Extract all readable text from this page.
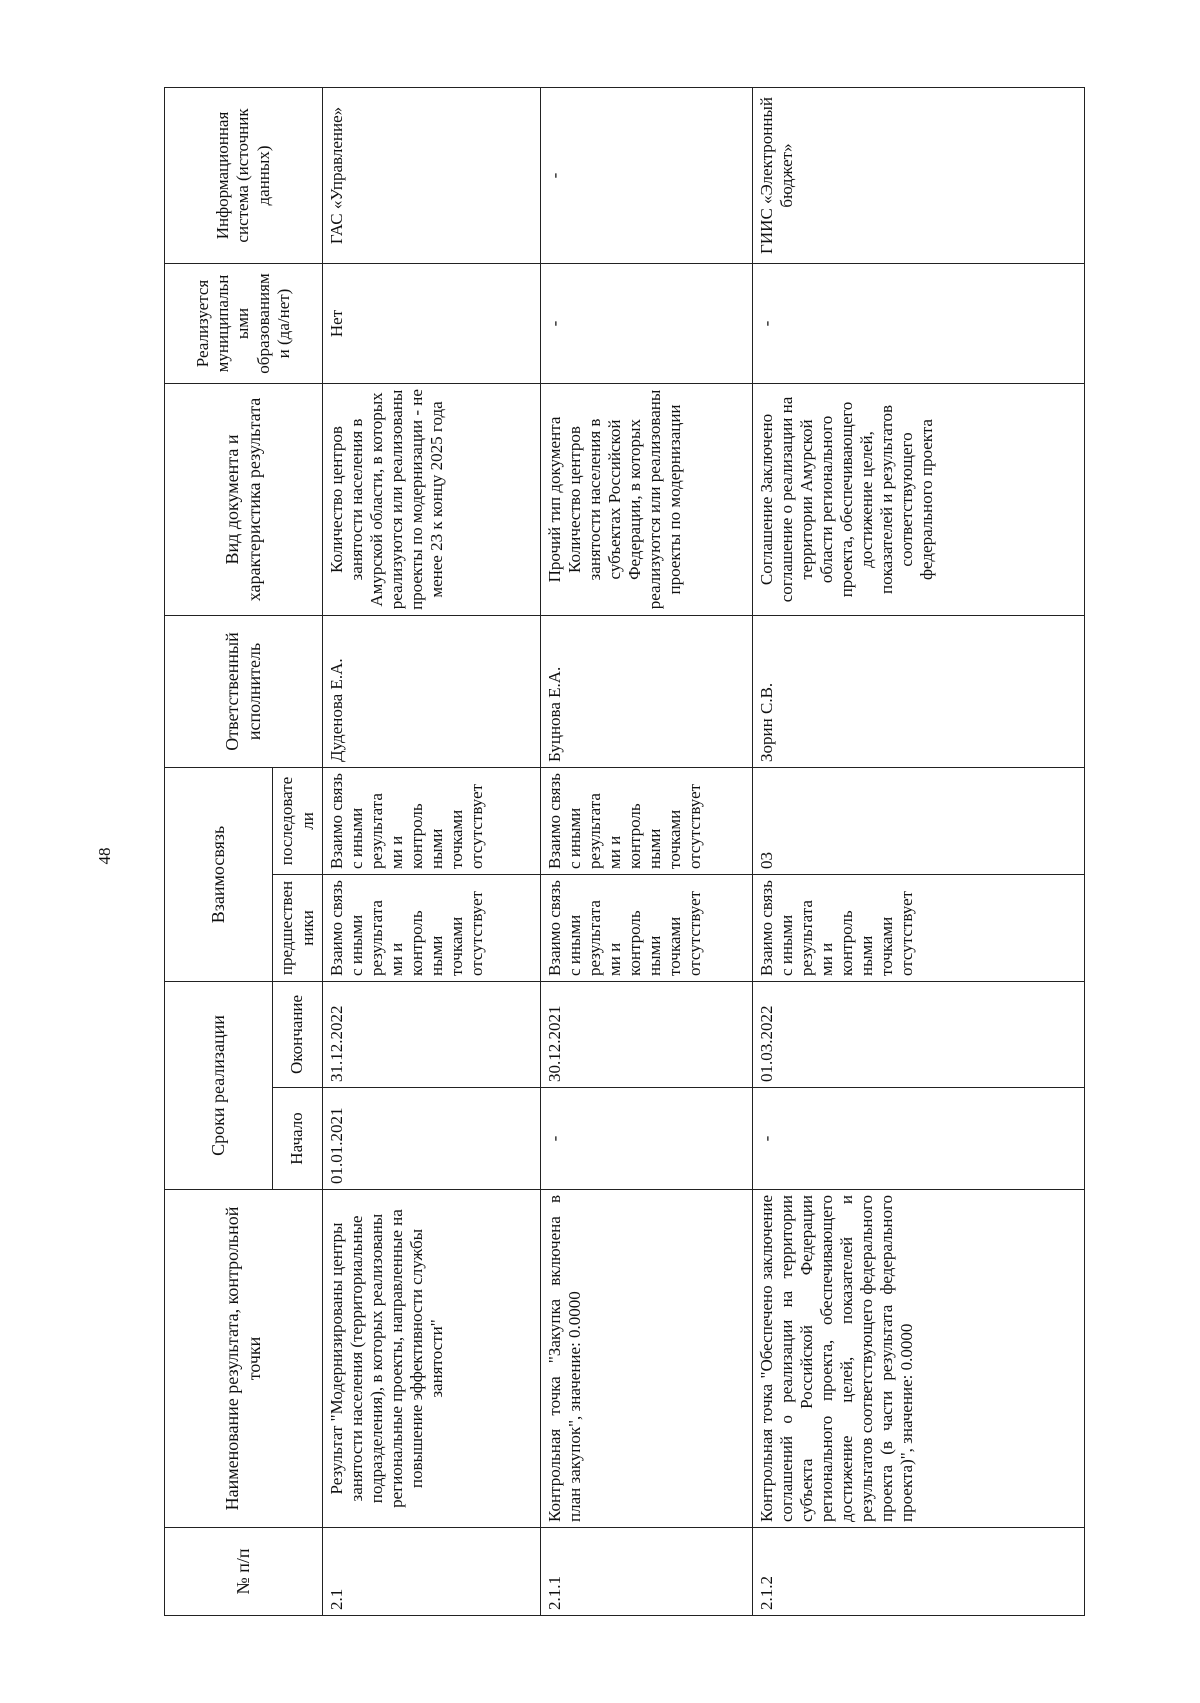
48
№ п/п	Наименование результата, контрольной точки	Сроки реализации		Взаимосвязь		Ответственный исполнитель	Вид документа и характеристика результата	Реализуется муниципальными образованиями (да/нет)	Информационная система (источник данных)
		Начало	Окончание	предшественники	последователи				
2.1	Результат "Модернизированы центры занятости населения (территориальные подразделения), в которых реализованы региональные проекты, направленные на повышение эффективности службы занятости"	01.01.2021	31.12.2022	Взаимо связь с иными результата ми и контроль ными точками отсутствует	Взаимо связь с иными результата ми и контроль ными точками отсутствует	Дуденова Е.А.	Количество центров занятости населения в Амурской области, в которых реализуются или реализованы проекты по модернизации - не менее 23 к концу 2025 года	Нет	ГАС «Управление»
2.1.1	Контрольная точка "Закупка включена в план закупок", значение: 0.0000	-	30.12.2021	Взаимо связь с иными результата ми и контроль ными точками отсутствует	Взаимо связь с иными результата ми и контроль ными точками отсутствует	Буцнова Е.А.	Прочий тип документа Количество центров занятости населения в субъектах Российской Федерации, в которых реализуются или реализованы проекты по модернизации	-	-
2.1.2	Контрольная точка "Обеспечено заключение соглашений о реализации на территории субъекта Российской Федерации регионального проекта, обеспечивающего достижение целей, показателей и результатов соответствующего федерального проекта (в части результата федерального проекта)", значение: 0.0000	-	01.03.2022	Взаимо связь с иными результата ми и контроль ными точками отсутствует	03	Зорин С.В.	Соглашение Заключено соглашение о реализации на территории Амурской области регионального проекта, обеспечивающего достижение целей, показателей и результатов соответствующего федерального проекта	-	ГИИС «Электронный бюджет»
